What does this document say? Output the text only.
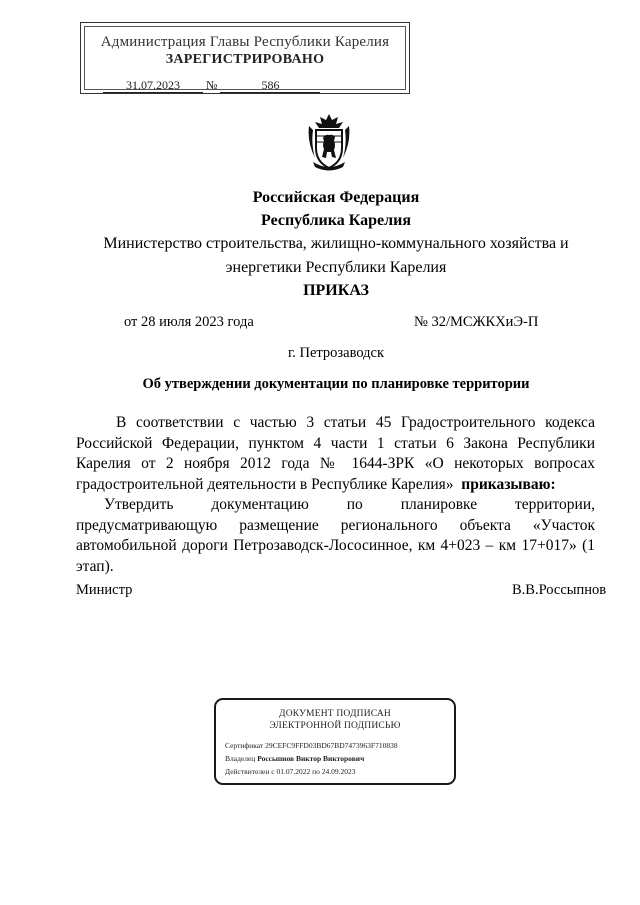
Администрация Главы Республики Карелия
ЗАРЕГИСТРИРОВАНО
31.07.2023 №	586
Российская Федерация
Республика Карелия
Министерство строительства, жилищно-коммунального хозяйства и
энергетики Республики Карелия
ПРИКАЗ
от 28 июля 2023 года	№ 32/МСЖКХиЭ-П
г. Петрозаводск
Об утверждении документации по планировке территории

В соответствии с частью 3 статьи 45 Градостроительного кодекса Российской Федерации, пунктом 4 части 1 статьи 6 Закона Республики Карелия от 2 ноября 2012 года № 1644-ЗРК «О некоторых вопросах градостроительной деятельности в Республике Карелия» приказываю:

Утвердить документацию по планировке территории, предусматривающую размещение регионального объекта «Участок автомобильной дороги Петрозаводск-Лососинное, км 4+023 – км 17+017» (1 этап).

Министр	В.В.Россыпнов
ДОКУМЕНТ ПОДПИСАН
ЭЛЕКТРОННОЙ ПОДПИСЬЮ
Сертификат 29CEFC9FFD03BD67BD7473963F710838
Владелец Россыпнов Виктор Викторович
Действителен с 01.07.2022 по 24.09.2023
